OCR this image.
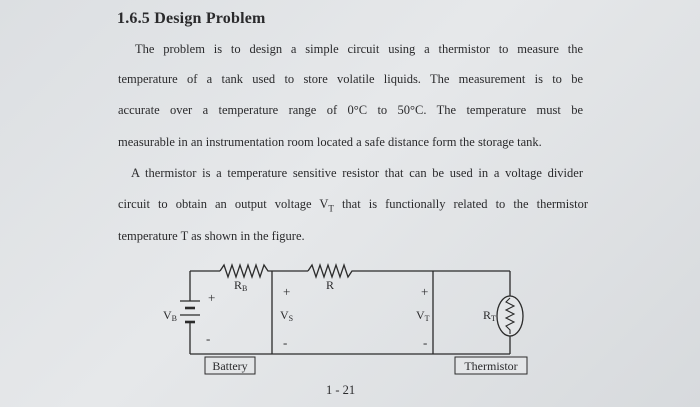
1.6.5 Design Problem
The problem is to design a simple circuit using a thermistor to measure the
temperature of a tank used to store volatile liquids. The measurement is to be
accurate over a temperature range of 0°C to 50°C. The temperature must be
measurable in an instrumentation room located a safe distance form the storage tank.
A thermistor is a temperature sensitive resistor that can be used in a voltage divider
circuit to obtain an output voltage $V_T$ that is functionally related to the thermistor
temperature T as shown in the figure.
RB	R
VB
+
-
+
VS
-
+
VT
-
RT
Battery	Thermistor
1 - 21
